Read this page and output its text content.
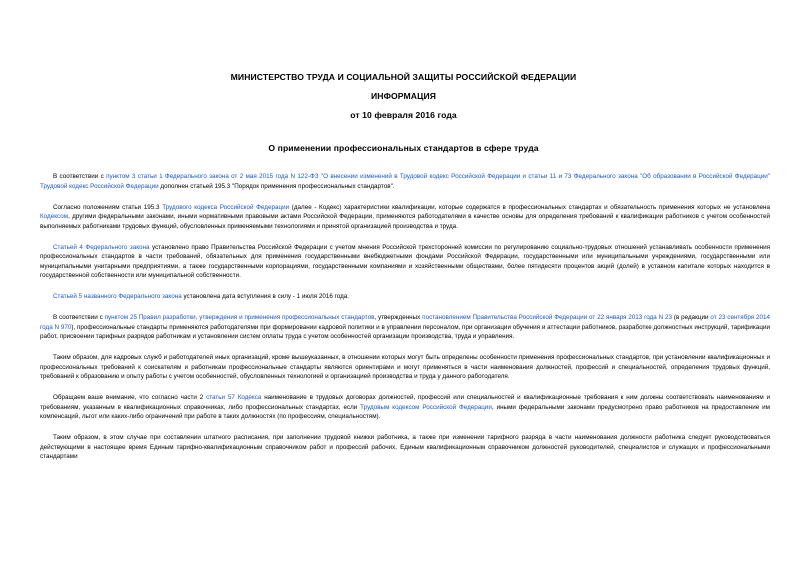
МИНИСТЕРСТВО ТРУДА И СОЦИАЛЬНОЙ ЗАЩИТЫ РОССИЙСКОЙ ФЕДЕРАЦИИ
ИНФОРМАЦИЯ
от 10 февраля 2016 года
О применении профессиональных стандартов в сфере труда

В соответствии с пунктом 3 статьи 1 Федерального закона от 2 мая 2015 года N 122-ФЗ "О внесении изменений в Трудовой кодекс Российской Федерации и статьи 11 и 73 Федерального закона "Об образовании в Российской Федерации" Трудовой кодекс Российской Федерации дополнен статьей 195.3 "Порядок применения профессиональных стандартов".

Согласно положениям статьи 195.3 Трудового кодекса Российской Федерации (далее - Кодекс) характеристики квалификации, которые содержатся в профессиональных стандартах и обязательность применения которых не установлена Кодексом, другими федеральными законами, иными нормативными правовыми актами Российской Федерации, применяются работодателями в качестве основы для определения требований к квалификации работников с учетом особенностей выполняемых работниками трудовых функций, обусловленных применяемыми технологиями и принятой организацией производства и труда.

Статьей 4 Федерального закона установлено право Правительства Российской Федерации с учетом мнения Российской трехсторонней комиссии по регулированию социально-трудовых отношений устанавливать особенности применения профессиональных стандартов в части требований, обязательных для применения государственными внебюджетными фондами Российской Федерации, государственными или муниципальными учреждениями, государственными или муниципальными унитарными предприятиями, а также государственными корпорациями, государственными компаниями и хозяйственными обществами, более пятидесяти процентов акций (долей) в уставном капитале которых находится в государственной собственности или муниципальной собственности.

Статьей 5 названного Федерального закона установлена дата вступления в силу - 1 июля 2016 года.

В соответствии с пунктом 25 Правил разработки, утверждения и применения профессиональных стандартов, утвержденных постановлением Правительства Российской Федерации от 22 января 2013 года N 23 (в редакции от 23 сентября 2014 года N 970), профессиональные стандарты применяются работодателями при формировании кадровой политики и в управлении персоналом, при организации обучения и аттестации работников, разработке должностных инструкций, тарификации работ, присвоении тарифных разрядов работникам и установлении систем оплаты труда с учетом особенностей организации производства, труда и управления.

Таким образом, для кадровых служб и работодателей иных организаций, кроме вышеуказанных, в отношении которых могут быть определены особенности применения профессиональных стандартов, при установлении квалификационных и профессиональных требований к соискателям и работникам профессиональные стандарты являются ориентирами и могут применяться в части наименования должностей, профессий и специальностей, определения трудовых функций, требований к образованию и опыту работы с учетом особенностей, обусловленных технологией и организацией производства и труда у данного работодателя.

Обращаем ваше внимание, что согласно части 2 статьи 57 Кодекса наименование в трудовых договорах должностей, профессий или специальностей и квалификационные требования к ним должны соответствовать наименованиям и требованиям, указанным в квалификационных справочниках, либо профессиональных стандартах, если Трудовым кодексом Российской Федерации, иными федеральными законами предусмотрено право работников на предоставление им компенсаций, льгот или каких-либо ограничений при работе в таких должностях (по профессиям, специальностям).

Таким образом, в этом случае при составлении штатного расписания, при заполнении трудовой книжки работника, а также при изменении тарифного разряда в части наименования должности работника следует руководствоваться действующими в настоящее время Единым тарифно-квалификационным справочником работ и профессий рабочих, Единым квалификационным справочником должностей руководителей, специалистов и служащих и профессиональными стандартами
